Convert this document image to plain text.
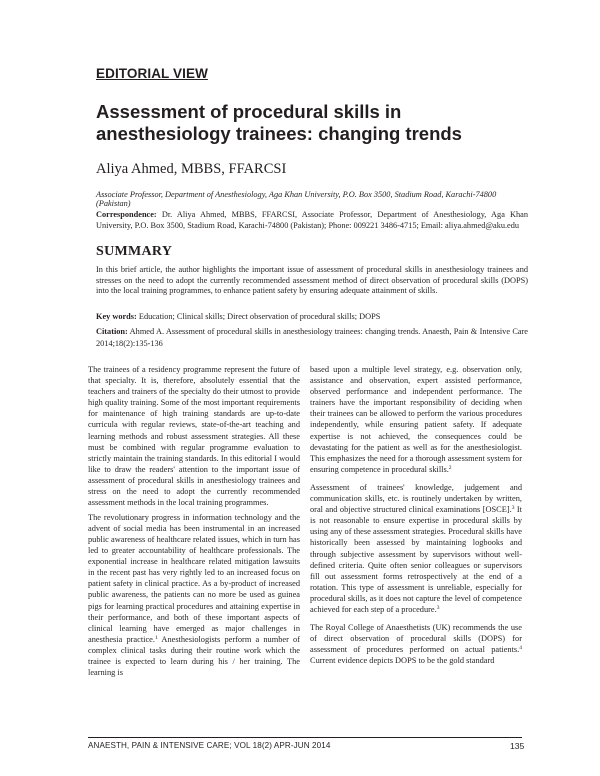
EDITORIAL VIEW
Assessment of procedural skills in anesthesiology trainees: changing trends
Aliya Ahmed, MBBS, FFARCSI
Associate Professor, Department of Anesthesiology, Aga Khan University, P.O. Box 3500, Stadium Road, Karachi-74800 (Pakistan)
Correspondence: Dr. Aliya Ahmed, MBBS, FFARCSI, Associate Professor, Department of Anesthesiology, Aga Khan University, P.O. Box 3500, Stadium Road, Karachi-74800 (Pakistan); Phone: 009221 3486-4715; Email: aliya.ahmed@aku.edu
SUMMARY
In this brief article, the author highlights the important issue of assessment of procedural skills in anesthesiology trainees and stresses on the need to adopt the currently recommended assessment method of direct observation of procedural skills (DOPS) into the local training programmes, to enhance patient safety by ensuring adequate attainment of skills.
Key words: Education; Clinical skills; Direct observation of procedural skills; DOPS
Citation: Ahmed A. Assessment of procedural skills in anesthesiology trainees: changing trends. Anaesth, Pain & Intensive Care 2014;18(2):135-136

The trainees of a residency programme represent the future of that specialty. It is, therefore, absolutely essential that the teachers and trainers of the specialty do their utmost to provide high quality training. Some of the most important requirements for maintenance of high training standards are up-to-date curricula with regular reviews, state-of-the-art teaching and learning methods and robust assessment strategies. All these must be combined with regular programme evaluation to strictly maintain the training standards. In this editorial I would like to draw the readers' attention to the important issue of assessment of procedural skills in anesthesiology trainees and stress on the need to adopt the currently recommended assessment methods in the local training programmes.

The revolutionary progress in information technology and the advent of social media has been instrumental in an increased public awareness of healthcare related issues, which in turn has led to greater accountability of healthcare professionals. The exponential increase in healthcare related mitigation lawsuits in the recent past has very rightly led to an increased focus on patient safety in clinical practice. As a by-product of increased public awareness, the patients can no more be used as guinea pigs for learning practical procedures and attaining expertise in their performance, and both of these important aspects of clinical learning have emerged as major challenges in anesthesia practice.$^1$ Anesthesiologists perform a number of complex clinical tasks during their routine work which the trainee is expected to learn during his / her training. The learning is

based upon a multiple level strategy, e.g. observation only, assistance and observation, expert assisted performance, observed performance and independent performance. The trainers have the important responsibility of deciding when their trainees can be allowed to perform the various procedures independently, while ensuring patient safety. If adequate expertise is not achieved, the consequences could be devastating for the patient as well as for the anesthesiologist. This emphasizes the need for a thorough assessment system for ensuring competence in procedural skills.$^2$

Assessment of trainees' knowledge, judgement and communication skills, etc. is routinely undertaken by written, oral and objective structured clinical examinations [OSCE].$^3$ It is not reasonable to ensure expertise in procedural skills by using any of these assessment strategies. Procedural skills have historically been assessed by maintaining logbooks and through subjective assessment by supervisors without well-defined criteria. Quite often senior colleagues or supervisors fill out assessment forms retrospectively at the end of a rotation. This type of assessment is unreliable, especially for procedural skills, as it does not capture the level of competence achieved for each step of a procedure.$^3$

The Royal College of Anaesthetists (UK) recommends the use of direct observation of procedural skills (DOPS) for assessment of procedures performed on actual patients.$^4$ Current evidence depicts DOPS to be the gold standard

ANAESTH, PAIN & INTENSIVE CARE; VOL 18(2) APR-JUN 2014	135
